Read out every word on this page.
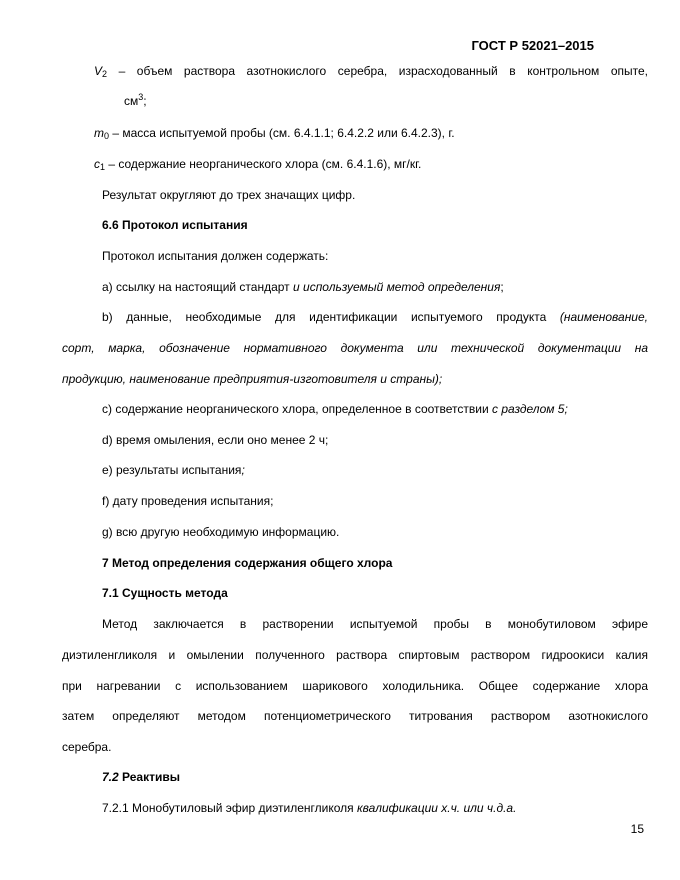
ГОСТ Р 52021–2015
$V_2$ – объем раствора азотнокислого серебра, израсходованный в контрольном опыте,
$см^3$;
$m_0$ – масса испытуемой пробы (см. 6.4.1.1; 6.4.2.2 или 6.4.2.3), г.
$c_1$ – содержание неорганического хлора (см. 6.4.1.6), мг/кг.
Результат округляют до трех значащих цифр.
6.6 Протокол испытания
Протокол испытания должен содержать:
а) ссылку на настоящий стандарт и используемый метод определения;
b) данные, необходимые для идентификации испытуемого продукта (наименование,
сорт, марка, обозначение нормативного документа или технической документации на
продукцию, наименование предприятия-изготовителя и страны);
c) содержание неорганического хлора, определенное в соответствии с разделом 5;
d) время омыления, если оно менее 2 ч;
e) результаты испытания;
f) дату проведения испытания;
g) всю другую необходимую информацию.
7 Метод определения содержания общего хлора
7.1 Сущность метода
Метод заключается в растворении испытуемой пробы в монобутиловом эфире
диэтиленгликоля и омылении полученного раствора спиртовым раствором гидроокиси калия
при нагревании с использованием шарикового холодильника. Общее содержание хлора
затем определяют методом потенциометрического титрования раствором азотнокислого
серебра.
7.2 Реактивы
7.2.1 Монобутиловый эфир диэтиленгликоля квалификации х.ч. или ч.д.а.
15
